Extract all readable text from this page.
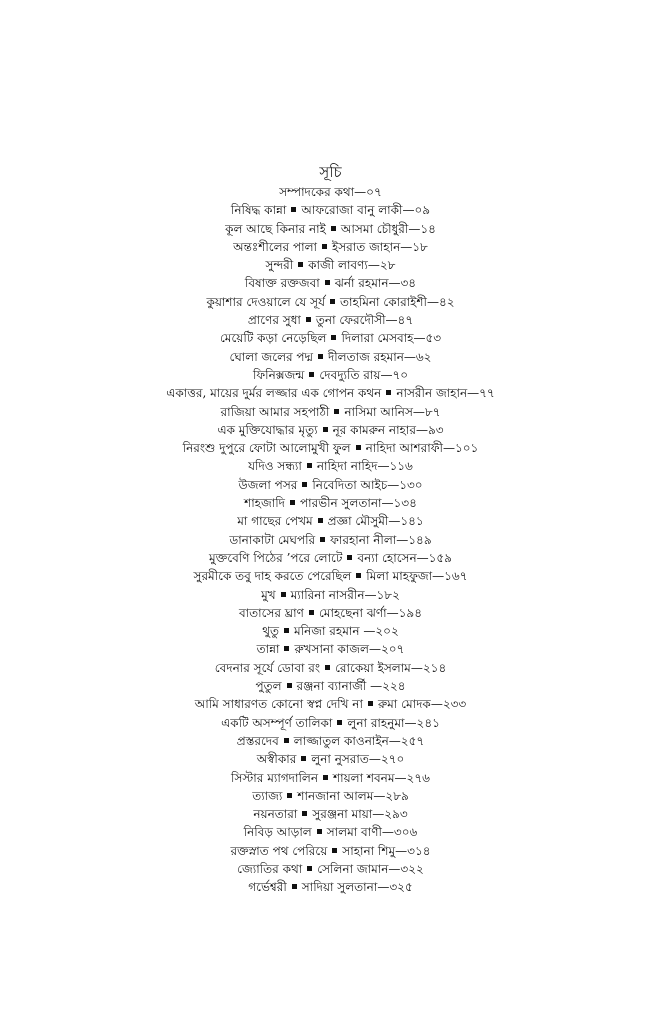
সূচি
সম্পাদকের কথা—০৭
নিষিদ্ধ কান্না আফরোজা বানু লাকী—০৯
কূল আছে কিনার নাই আসমা চৌধুরী—১৪
অন্তঃশীলের পালা ইসরাত জাহান—১৮
সুন্দরী কাজী লাবণ্য—২৮
বিষাক্ত রক্তজবা ঝর্না রহমান—৩৪
কুয়াশার দেওয়ালে যে সূর্য তাহমিনা কোরাইশী—৪২
প্রাণের সুধা তুনা ফেরদৌসী—৪৭
মেয়েটি কড়া নেড়েছিল দিলারা মেসবাহ—৫৩
ঘোলা জলের পদ্ম দীলতাজ রহমান—৬২
ফিনিক্সজন্ম দেবদ্যুতি রায়—৭০
একাত্তর, মায়ের দুর্মর লজ্জার এক গোপন কথন নাসরীন জাহান—৭৭
রাজিয়া আমার সহপাঠী নাসিমা আনিস—৮৭
এক মুক্তিযোদ্ধার মৃত্যু নূর কামরুন নাহার—৯৩
নিরংশু দুপুরে ফোটা আলোমুখী ফুল নাহিদা আশরাফী—১০১
যদিও সন্ধ্যা নাহিদা নাহিদ—১১৬
উজলা পসর নিবেদিতা আইচ—১৩০
শাহজাদি পারভীন সুলতানা—১৩৪
মা গাছের পেখম প্রজ্ঞা মৌসুমী—১৪১
ডানাকাটা মেঘপরি ফারহানা নীলা—১৪৯
মুক্তবেণি পিঠের ’পরে লোটে বন্যা হোসেন—১৫৯
সুরমীকে তবু দাহ করতে পেরেছিল মিলা মাহফুজা—১৬৭
মুখ ম্যারিনা নাসরীন—১৮২
বাতাসের ঘ্রাণ মোহছেনা ঝর্ণা—১৯৪
থুতু মনিজা রহমান —২০২
তান্না রুখসানা কাজল—২০৭
বেদনার সূর্যে ডোবা রং রোকেয়া ইসলাম—২১৪
পুতুল রঞ্জনা ব্যানার্জী —২২৪
আমি সাধারণত কোনো স্বপ্ন দেখি না রুমা মোদক—২৩৩
একটি অসম্পূর্ণ তালিকা লুনা রাহনুমা—২৪১
প্রস্তরদেব লাজ্জাতুল কাওনাইন—২৫৭
অস্বীকার লুনা নুসরাত—২৭০
সিস্টার ম্যাগদালিন শায়লা শবনম—২৭৬
ত্যাজ্য শানজানা আলম—২৮৯
নয়নতারা সুরঞ্জনা মায়া—২৯৩
নিবিড় আড়াল সালমা বাণী—৩০৬
রক্তস্নাত পথ পেরিয়ে সাহানা শিমু—৩১৪
জ্যোতির কথা সেলিনা জামান—৩২২
গর্ভেশ্বরী সাদিয়া সুলতানা—৩২৫
